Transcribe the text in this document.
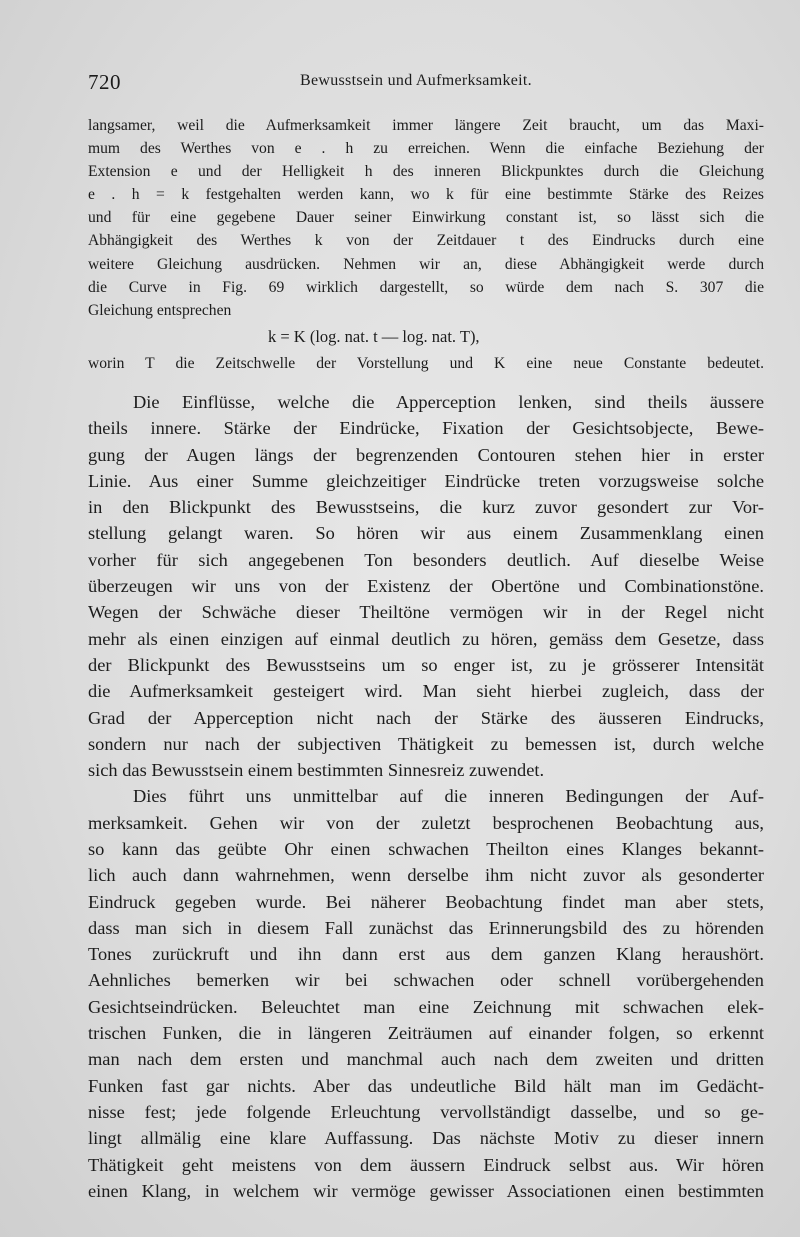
720	Bewusstsein und Aufmerksamkeit.
langsamer, weil die Aufmerksamkeit immer längere Zeit braucht, um das Maxi-
mum des Werthes von e . h zu erreichen. Wenn die einfache Beziehung der
Extension e und der Helligkeit h des inneren Blickpunktes durch die Gleichung
e . h = k festgehalten werden kann, wo k für eine bestimmte Stärke des Reizes
und für eine gegebene Dauer seiner Einwirkung constant ist, so lässt sich die
Abhängigkeit des Werthes k von der Zeitdauer t des Eindrucks durch eine
weitere Gleichung ausdrücken. Nehmen wir an, diese Abhängigkeit werde durch
die Curve in Fig. 69 wirklich dargestellt, so würde dem nach S. 307 die
Gleichung entsprechen
k = K (log. nat. t — log. nat. T),
worin T die Zeitschwelle der Vorstellung und K eine neue Constante bedeutet.
Die Einflüsse, welche die Apperception lenken, sind theils äussere
theils innere. Stärke der Eindrücke, Fixation der Gesichtsobjecte, Bewe-
gung der Augen längs der begrenzenden Contouren stehen hier in erster
Linie. Aus einer Summe gleichzeitiger Eindrücke treten vorzugsweise solche
in den Blickpunkt des Bewusstseins, die kurz zuvor gesondert zur Vor-
stellung gelangt waren. So hören wir aus einem Zusammenklang einen
vorher für sich angegebenen Ton besonders deutlich. Auf dieselbe Weise
überzeugen wir uns von der Existenz der Obertöne und Combinationstöne.
Wegen der Schwäche dieser Theiltöne vermögen wir in der Regel nicht
mehr als einen einzigen auf einmal deutlich zu hören, gemäss dem Gesetze, dass
der Blickpunkt des Bewusstseins um so enger ist, zu je grösserer Intensität
die Aufmerksamkeit gesteigert wird. Man sieht hierbei zugleich, dass der
Grad der Apperception nicht nach der Stärke des äusseren Eindrucks,
sondern nur nach der subjectiven Thätigkeit zu bemessen ist, durch welche
sich das Bewusstsein einem bestimmten Sinnesreiz zuwendet.
Dies führt uns unmittelbar auf die inneren Bedingungen der Auf-
merksamkeit. Gehen wir von der zuletzt besprochenen Beobachtung aus,
so kann das geübte Ohr einen schwachen Theilton eines Klanges bekannt-
lich auch dann wahrnehmen, wenn derselbe ihm nicht zuvor als gesonderter
Eindruck gegeben wurde. Bei näherer Beobachtung findet man aber stets,
dass man sich in diesem Fall zunächst das Erinnerungsbild des zu hörenden
Tones zurückruft und ihn dann erst aus dem ganzen Klang heraushört.
Aehnliches bemerken wir bei schwachen oder schnell vorübergehenden
Gesichtseindrücken. Beleuchtet man eine Zeichnung mit schwachen elek-
trischen Funken, die in längeren Zeiträumen auf einander folgen, so erkennt
man nach dem ersten und manchmal auch nach dem zweiten und dritten
Funken fast gar nichts. Aber das undeutliche Bild hält man im Gedächt-
nisse fest; jede folgende Erleuchtung vervollständigt dasselbe, und so ge-
lingt allmälig eine klare Auffassung. Das nächste Motiv zu dieser innern
Thätigkeit geht meistens von dem äussern Eindruck selbst aus. Wir hören
einen Klang, in welchem wir vermöge gewisser Associationen einen bestimmten
